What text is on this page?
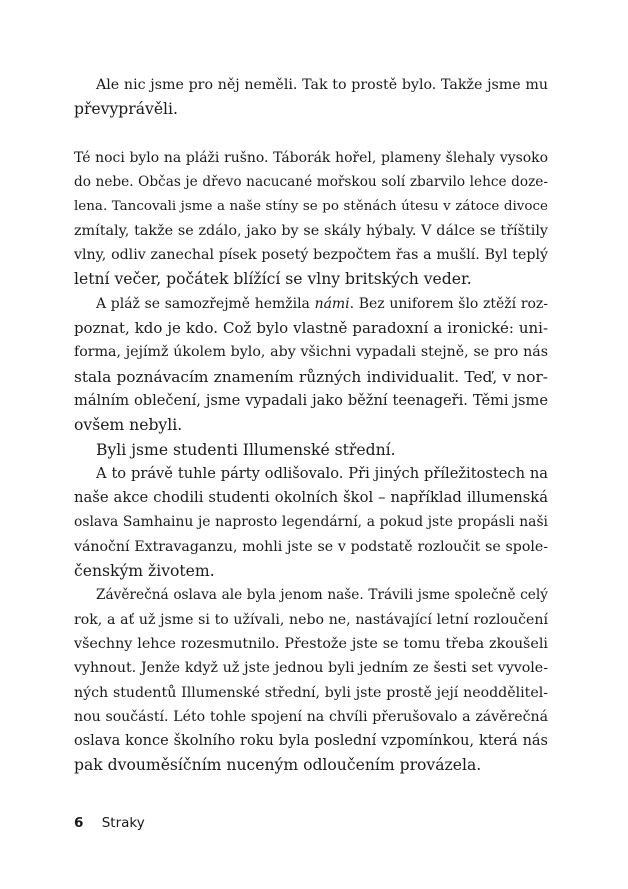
Ale nic jsme pro něj neměli. Tak to prostě bylo. Takže jsme mu
převyprávěli.

Té noci bylo na pláži rušno. Táborák hořel, plameny šlehaly vysoko
do nebe. Občas je dřevo nacucané mořskou solí zbarvilo lehce doze-
lena. Tancovali jsme a naše stíny se po stěnách útesu v zátoce divoce
zmítaly, takže se zdálo, jako by se skály hýbaly. V dálce se tříštily
vlny, odliv zanechal písek posetý bezpočtem řas a mušlí. Byl teplý
letní večer, počátek blížící se vlny britských veder.

A pláž se samozřejmě hemžila námi. Bez uniforem šlo ztěží roz-
poznat, kdo je kdo. Což bylo vlastně paradoxní a ironické: uni-
forma, jejímž úkolem bylo, aby všichni vypadali stejně, se pro nás
stala poznávacím znamením různých individualit. Teď, v nor-
málním oblečení, jsme vypadali jako běžní teenageři. Těmi jsme
ovšem nebyli.

Byli jsme studenti Illumenské střední.

A to právě tuhle párty odlišovalo. Při jiných příležitostech na
naše akce chodili studenti okolních škol – například illumenská
oslava Samhainu je naprosto legendární, a pokud jste propásli naši
vánoční Extravaganzu, mohli jste se v podstatě rozloučit se spole-
čenským životem.

Závěrečná oslava ale byla jenom naše. Trávili jsme společně celý
rok, a ať už jsme si to užívali, nebo ne, nastávající letní rozloučení
všechny lehce rozesmutnilo. Přestože jste se tomu třeba zkoušeli
vyhnout. Jenže když už jste jednou byli jedním ze šesti set vyvole-
ných studentů Illumenské střední, byli jste prostě její neoddělitel-
nou součástí. Léto tohle spojení na chvíli přerušovalo a závěrečná
oslava konce školního roku byla poslední vzpomínkou, která nás
pak dvouměsíčním nuceným odloučením provázela.

6 Straky
